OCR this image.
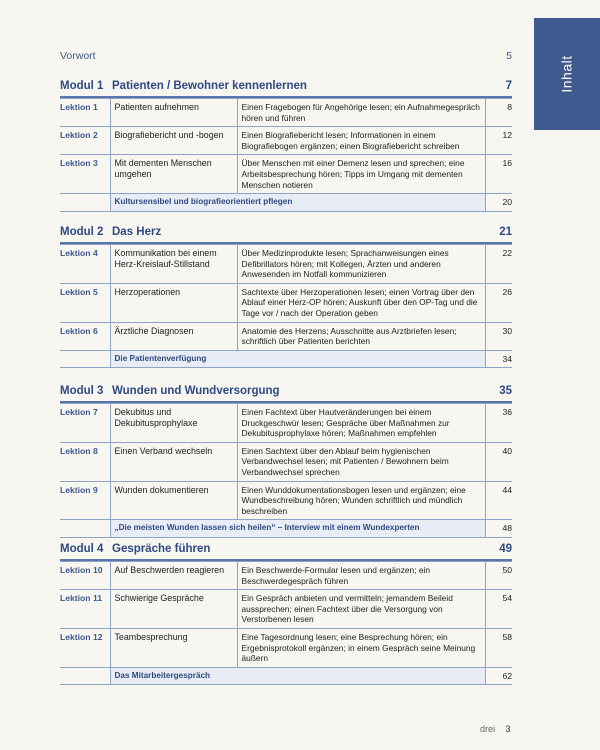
Inhalt
Vorwort	5
Modul 1 Patienten / Bewohner kennenlernen	7
Lektion 1	Patienten aufnehmen	Einen Fragebogen für Angehörige lesen; ein Aufnahmegespräch hören und führen	8
Lektion 2	Biografiebericht und -bogen	Einen Biografiebericht lesen; Informationen in einem Biografiebogen ergänzen; einen Biografiebericht schreiben	12
Lektion 3	Mit dementen Menschen umgehen	Über Menschen mit einer Demenz lesen und sprechen; eine Arbeitsbesprechung hören; Tipps im Umgang mit dementen Menschen notieren	16
	Kultursensibel und biografieorientiert pflegen		20
Modul 2 Das Herz	21
Lektion 4	Kommunikation bei einem Herz-Kreislauf-Stillstand	Über Medizinprodukte lesen; Sprachanweisungen eines Defibrillators hören; mit Kollegen, Ärzten und anderen Anwesenden im Notfall kommunizieren	22
Lektion 5	Herzoperationen	Sachtexte über Herzoperationen lesen; einen Vortrag über den Ablauf einer Herz-OP hören; Auskunft über den OP-Tag und die Tage vor / nach der Operation geben	26
Lektion 6	Ärztliche Diagnosen	Anatomie des Herzens; Ausschnitte aus Arztbriefen lesen; schriftlich über Patienten berichten	30
	Die Patientenverfügung		34
Modul 3 Wunden und Wundversorgung	35
Lektion 7	Dekubitus und Dekubitusprophylaxe	Einen Fachtext über Hautveränderungen bei einem Druckgeschwür lesen; Gespräche über Maßnahmen zur Dekubitusprophylaxe hören; Maßnahmen empfehlen	36
Lektion 8	Einen Verband wechseln	Einen Sachtext über den Ablauf beim hygienischen Verbandwechsel lesen; mit Patienten / Bewohnern beim Verbandwechsel sprechen	40
Lektion 9	Wunden dokumentieren	Einen Wunddokumentationsbogen lesen und ergänzen; eine Wundbeschreibung hören; Wunden schriftlich und mündlich beschreiben	44
	„Die meisten Wunden lassen sich heilen“ – Interview mit einem Wundexperten		48
Modul 4 Gespräche führen	49
Lektion 10	Auf Beschwerden reagieren	Ein Beschwerde-Formular lesen und ergänzen; ein Beschwerdegespräch führen	50
Lektion 11	Schwierige Gespräche	Ein Gespräch anbieten und vermitteln; jemandem Beileid aussprechen; einen Fachtext über die Versorgung von Verstorbenen lesen	54
Lektion 12	Teambesprechung	Eine Tagesordnung lesen; eine Besprechung hören; ein Ergebnisprotokoll ergänzen; in einem Gespräch seine Meinung äußern	58
	Das Mitarbeitergespräch		62
drei 3
